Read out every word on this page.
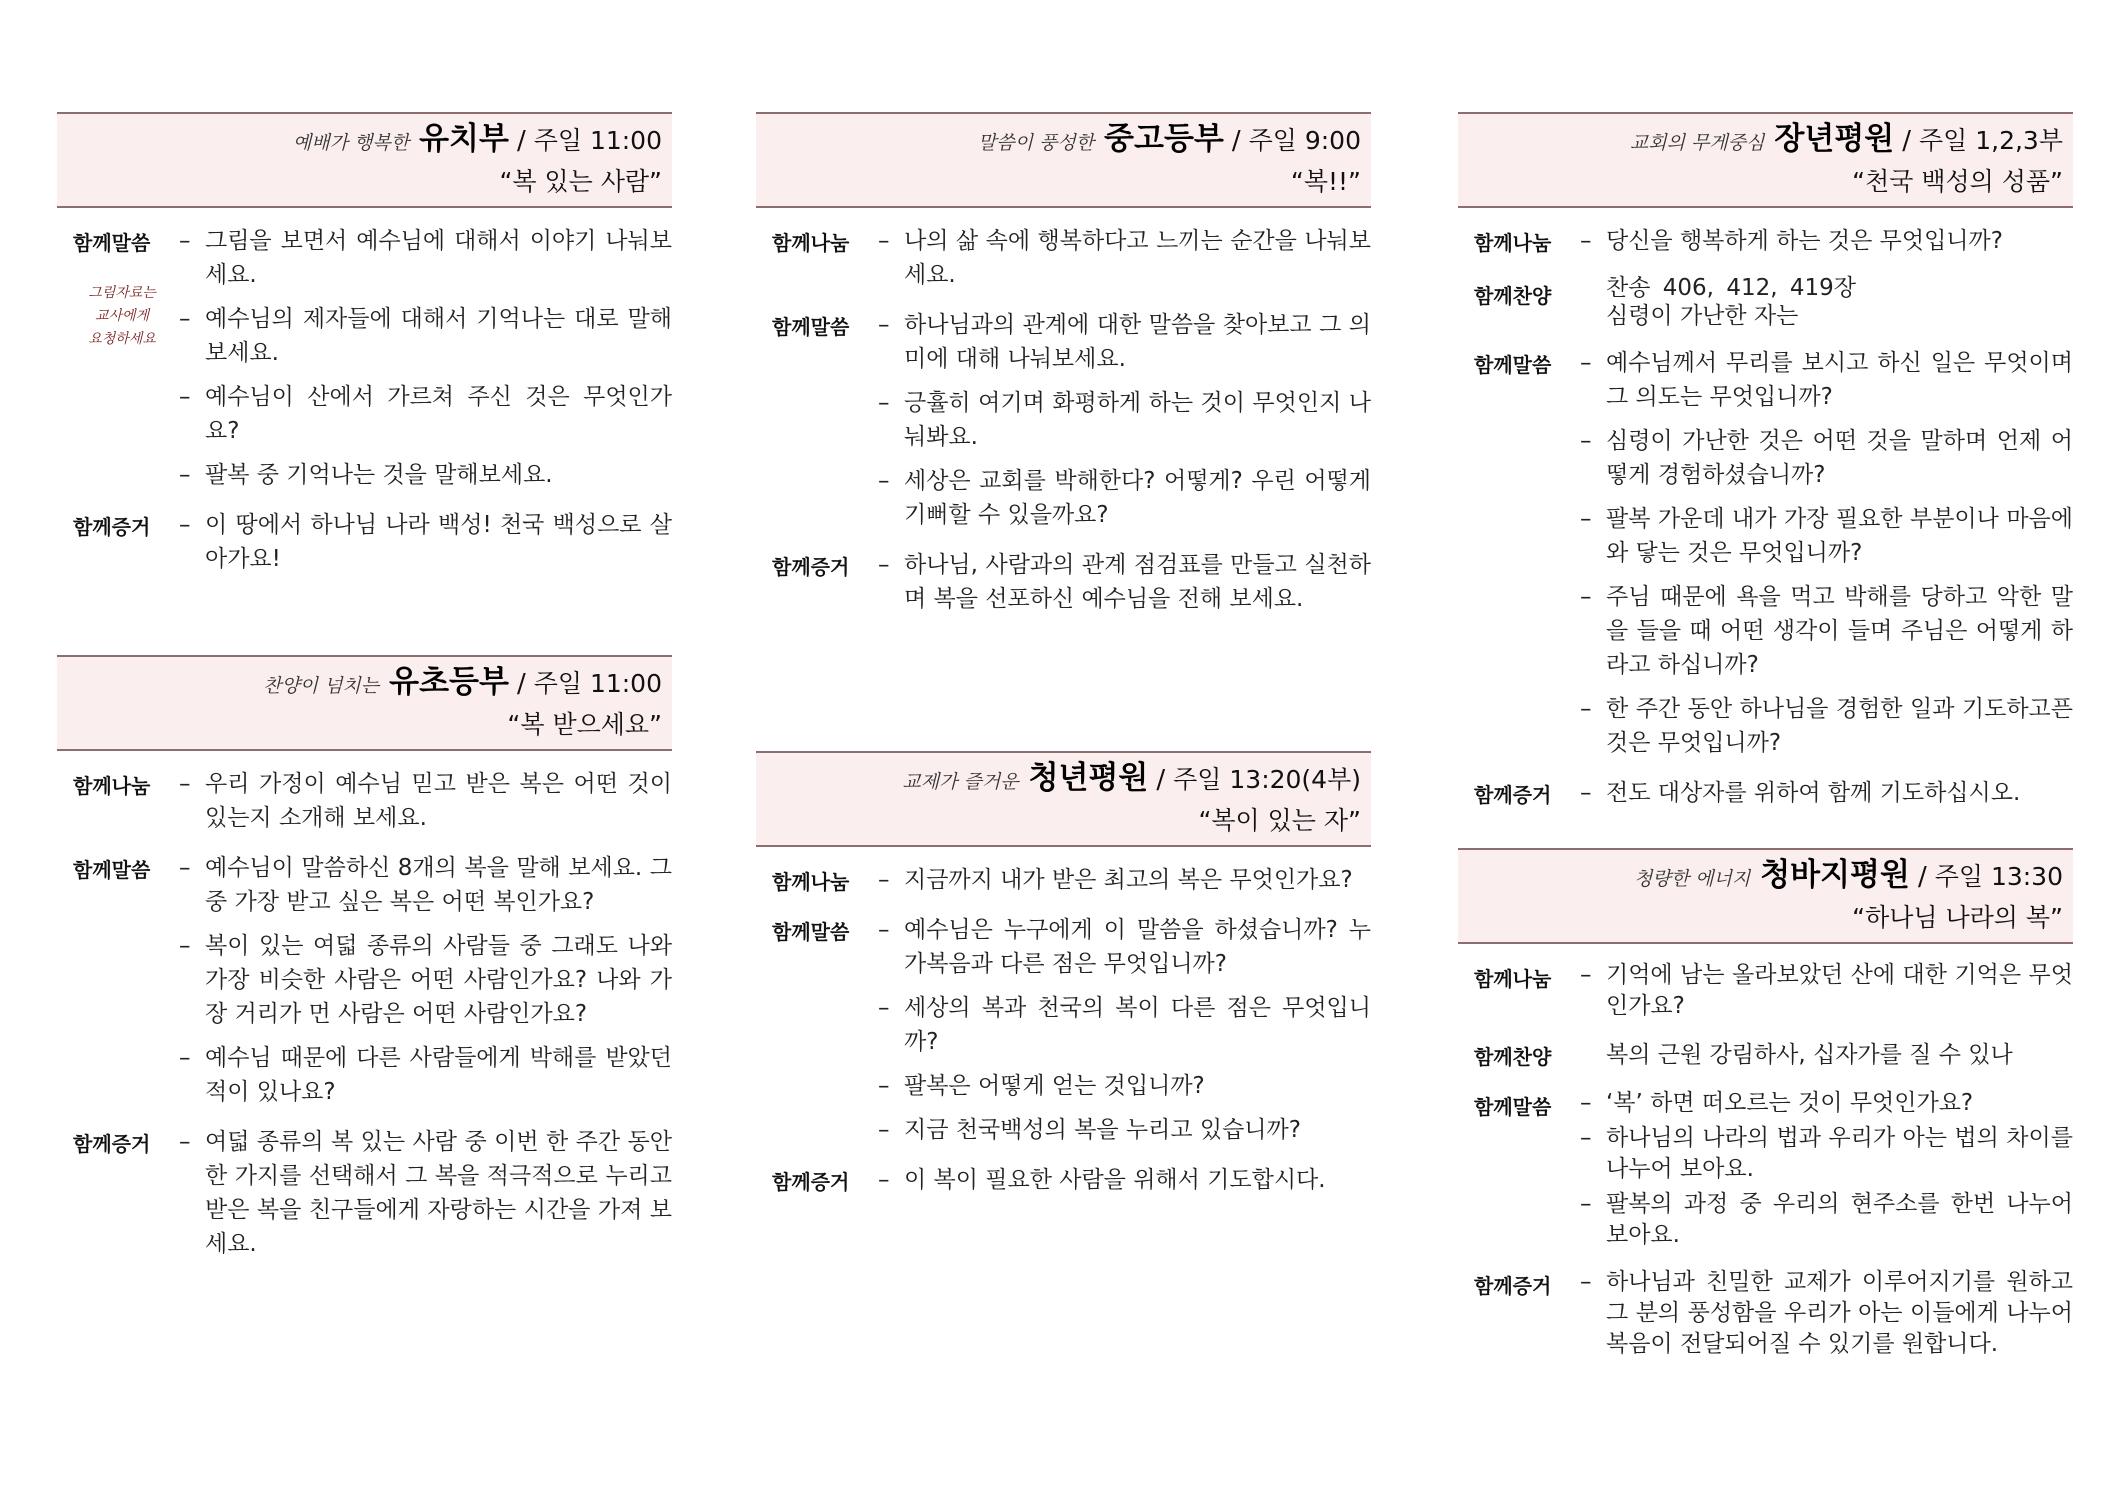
예배가 행복한 유치부 / 주일 11:00
“복 있는 사람”
함께말씀
그림자료는
교사에게
요청하세요
– 그림을 보면서 예수님에 대해서 이야기 나눠보세요.
– 예수님의 제자들에 대해서 기억나는 대로 말해 보세요.
– 예수님이 산에서 가르쳐 주신 것은 무엇인가요?
– 팔복 중 기억나는 것을 말해보세요.
함께증거	– 이 땅에서 하나님 나라 백성! 천국 백성으로 살아가요!
찬양이 넘치는 유초등부 / 주일 11:00
“복 받으세요”
함께나눔	– 우리 가정이 예수님 믿고 받은 복은 어떤 것이 있는지 소개해 보세요.
함께말씀	– 예수님이 말씀하신 8개의 복을 말해 보세요. 그 중 가장 받고 싶은 복은 어떤 복인가요?
– 복이 있는 여덟 종류의 사람들 중 그래도 나와 가장 비슷한 사람은 어떤 사람인가요? 나와 가장 거리가 먼 사람은 어떤 사람인가요?
– 예수님 때문에 다른 사람들에게 박해를 받았던 적이 있나요?
함께증거	– 여덟 종류의 복 있는 사람 중 이번 한 주간 동안 한 가지를 선택해서 그 복을 적극적으로 누리고 받은 복을 친구들에게 자랑하는 시간을 가져 보세요.
말씀이 풍성한 중고등부 / 주일 9:00
“복!!”
함께나눔	– 나의 삶 속에 행복하다고 느끼는 순간을 나눠보세요.
함께말씀	– 하나님과의 관계에 대한 말씀을 찾아보고 그 의미에 대해 나눠보세요.
– 긍휼히 여기며 화평하게 하는 것이 무엇인지 나눠봐요.
– 세상은 교회를 박해한다? 어떻게? 우린 어떻게 기뻐할 수 있을까요?
함께증거	– 하나님, 사람과의 관계 점검표를 만들고 실천하며 복을 선포하신 예수님을 전해 보세요.
교제가 즐거운 청년평원 / 주일 13:20(4부)
“복이 있는 자”
함께나눔	– 지금까지 내가 받은 최고의 복은 무엇인가요?
함께말씀	– 예수님은 누구에게 이 말씀을 하셨습니까? 누가복음과 다른 점은 무엇입니까?
– 세상의 복과 천국의 복이 다른 점은 무엇입니까?
– 팔복은 어떻게 얻는 것입니까?
– 지금 천국백성의 복을 누리고 있습니까?
함께증거	– 이 복이 필요한 사람을 위해서 기도합시다.
교회의 무게중심 장년평원 / 주일 1,2,3부
“천국 백성의 성품”
함께나눔	– 당신을 행복하게 하는 것은 무엇입니까?
함께찬양	찬송 406, 412, 419장 심령이 가난한 자는
함께말씀	– 예수님께서 무리를 보시고 하신 일은 무엇이며 그 의도는 무엇입니까?
– 심령이 가난한 것은 어떤 것을 말하며 언제 어떻게 경험하셨습니까?
– 팔복 가운데 내가 가장 필요한 부분이나 마음에 와 닿는 것은 무엇입니까?
– 주님 때문에 욕을 먹고 박해를 당하고 악한 말을 들을 때 어떤 생각이 들며 주님은 어떻게 하라고 하십니까?
– 한 주간 동안 하나님을 경험한 일과 기도하고픈 것은 무엇입니까?
함께증거	– 전도 대상자를 위하여 함께 기도하십시오.
청량한 에너지 청바지평원 / 주일 13:30
“하나님 나라의 복”
함께나눔	– 기억에 남는 올라보았던 산에 대한 기억은 무엇인가요?
함께찬양	복의 근원 강림하사, 십자가를 질 수 있나
함께말씀	– ‘복’ 하면 떠오르는 것이 무엇인가요?
– 하나님의 나라의 법과 우리가 아는 법의 차이를 나누어 보아요.
– 팔복의 과정 중 우리의 현주소를 한번 나누어 보아요.
함께증거	– 하나님과 친밀한 교제가 이루어지기를 원하고 그 분의 풍성함을 우리가 아는 이들에게 나누어 복음이 전달되어질 수 있기를 원합니다.
